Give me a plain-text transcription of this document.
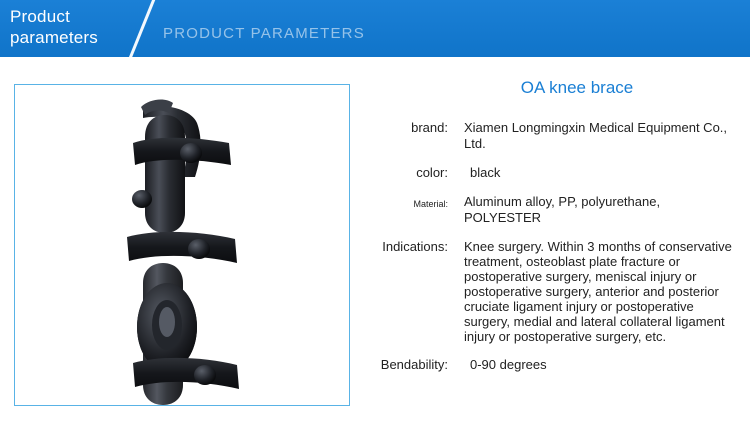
Product
parameters	PRODUCT PARAMETERS
OA knee brace
brand:	Xiamen Longmingxin Medical Equipment Co., Ltd.
color:	black
Material:	Aluminum alloy, PP, polyurethane, POLYESTER
Indications:	Knee surgery. Within 3 months of conservative treatment, osteoblast plate fracture or postoperative surgery, meniscal injury or postoperative surgery, anterior and posterior cruciate ligament injury or postoperative surgery, medial and lateral collateral ligament injury or postoperative surgery, etc.
Bendability:	0-90 degrees
